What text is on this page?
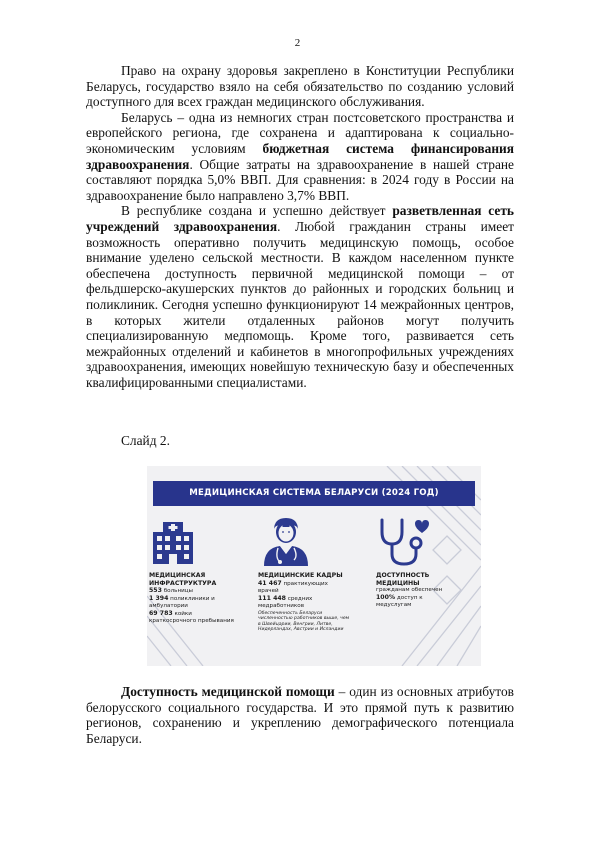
2

Право на охрану здоровья закреплено в Конституции Республики Беларусь, государство взяло на себя обязательство по созданию условий доступного для всех граждан медицинского обслуживания.

Беларусь – одна из немногих стран постсоветского пространства и европейского региона, где сохранена и адаптирована к социально-экономическим условиям бюджетная система финансирования здравоохранения. Общие затраты на здравоохранение в нашей стране составляют порядка 5,0% ВВП. Для сравнения: в 2024 году в России на здравоохранение было направлено 3,7% ВВП.

В республике создана и успешно действует разветвленная сеть учреждений здравоохранения. Любой гражданин страны имеет возможность оперативно получить медицинскую помощь, особое внимание уделено сельской местности. В каждом населенном пункте обеспечена доступность первичной медицинской помощи – от фельдшерско-акушерских пунктов до районных и городских больниц и поликлиник. Сегодня успешно функционируют 14 межрайонных центров, в которых жители отдаленных районов могут получить специализированную медпомощь. Кроме того, развивается сеть межрайонных отделений и кабинетов в многопрофильных учреждениях здравоохранения, имеющих новейшую техническую базу и обеспеченных квалифицированными специалистами.

Слайд 2.
МЕДИЦИНСКАЯ СИСТЕМА БЕЛАРУСИ (2024 ГОД)
МЕДИЦИНСКАЯ
ИНФРАСТРУКТУРА
553 больницы
1 394 поликлиники и
амбулатории
69 783 койки
краткосрочного пребывания
МЕДИЦИНСКИЕ КАДРЫ
41 467 практикующих
врачей
111 448 средних
медработников
Обеспеченность Беларуси
численностью работников выше, чем
в Швейцарии, Венгрии, Литве,
Нидерландах, Австрии и Исландии
ДОСТУПНОСТЬ
МЕДИЦИНЫ
гражданам обеспечен
100% доступ к
медуслугам

Доступность медицинской помощи – один из основных атрибутов белорусского социального государства. И это прямой путь к развитию регионов, сохранению и укреплению демографического потенциала Беларуси.
